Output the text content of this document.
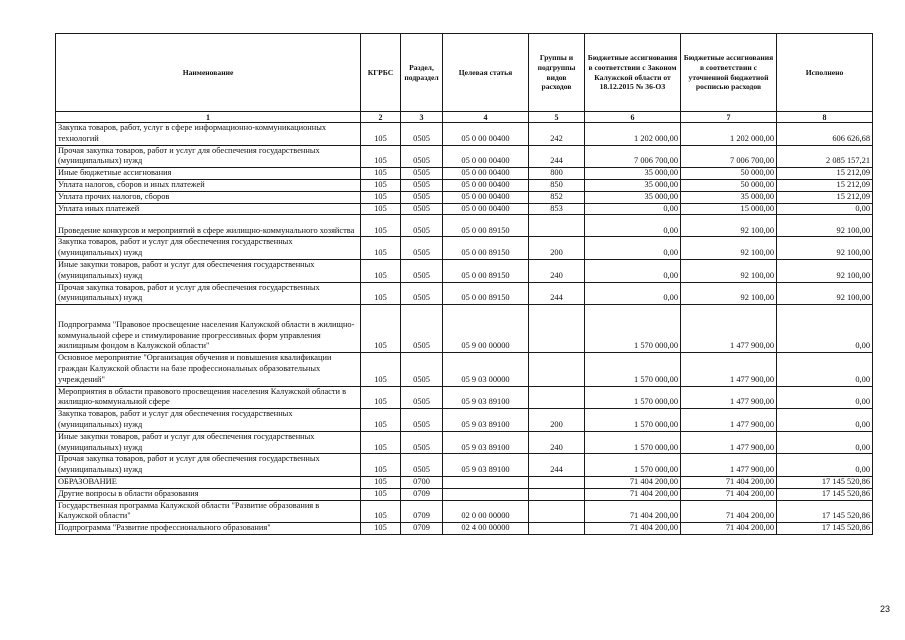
Наименование	КГРБС	Раздел, подраздел	Целевая статья	Группы и подгруппы видов расходов	Бюджетные ассигнования в соответствии с Законом Калужской области от 18.12.2015 № 36-ОЗ	Бюджетные ассигнования в соответствии с уточненной бюджетной росписью расходов	Исполнено
1	2	3	4	5	6	7	8
Закупка товаров, работ, услуг в сфере информационно-коммуникационных технологий	105	0505	05 0 00 00400	242	1 202 000,00	1 202 000,00	606 626,68
Прочая закупка товаров, работ и услуг для обеспечения государственных (муниципальных) нужд	105	0505	05 0 00 00400	244	7 006 700,00	7 006 700,00	2 085 157,21
Иные бюджетные ассигнования	105	0505	05 0 00 00400	800	35 000,00	50 000,00	15 212,09
Уплата налогов, сборов и иных платежей	105	0505	05 0 00 00400	850	35 000,00	50 000,00	15 212,09
Уплата прочих налогов, сборов	105	0505	05 0 00 00400	852	35 000,00	35 000,00	15 212,09
Уплата иных платежей	105	0505	05 0 00 00400	853	0,00	15 000,00	0,00
Проведение конкурсов и мероприятий в сфере жилищно-коммунального хозяйства	105	0505	05 0 00 89150		0,00	92 100,00	92 100,00
Закупка товаров, работ и услуг для обеспечения государственных (муниципальных) нужд	105	0505	05 0 00 89150	200	0,00	92 100,00	92 100,00
Иные закупки товаров, работ и услуг для обеспечения государственных (муниципальных) нужд	105	0505	05 0 00 89150	240	0,00	92 100,00	92 100,00
Прочая закупка товаров, работ и услуг для обеспечения государственных (муниципальных) нужд	105	0505	05 0 00 89150	244	0,00	92 100,00	92 100,00
Подпрограмма "Правовое просвещение населения Калужской области в жилищно-коммунальной сфере и стимулирование прогрессивных форм управления жилищным фондом в Калужской области"	105	0505	05 9 00 00000		1 570 000,00	1 477 900,00	0,00
Основное мероприятие "Организация обучения и повышения квалификации граждан Калужской области на базе профессиональных образовательных учреждений"	105	0505	05 9 03 00000		1 570 000,00	1 477 900,00	0,00
Мероприятия в области правового просвещения населения Калужской области в жилищно-коммунальной сфере	105	0505	05 9 03 89100		1 570 000,00	1 477 900,00	0,00
Закупка товаров, работ и услуг для обеспечения государственных (муниципальных) нужд	105	0505	05 9 03 89100	200	1 570 000,00	1 477 900,00	0,00
Иные закупки товаров, работ и услуг для обеспечения государственных (муниципальных) нужд	105	0505	05 9 03 89100	240	1 570 000,00	1 477 900,00	0,00
Прочая закупка товаров, работ и услуг для обеспечения государственных (муниципальных) нужд	105	0505	05 9 03 89100	244	1 570 000,00	1 477 900,00	0,00
ОБРАЗОВАНИЕ	105	0700			71 404 200,00	71 404 200,00	17 145 520,86
Другие вопросы в области образования	105	0709			71 404 200,00	71 404 200,00	17 145 520,86
Государственная программа Калужской области "Развитие образования в Калужской области"	105	0709	02 0 00 00000		71 404 200,00	71 404 200,00	17 145 520,86
Подпрограмма "Развитие профессионального образования"	105	0709	02 4 00 00000		71 404 200,00	71 404 200,00	17 145 520,86
23
